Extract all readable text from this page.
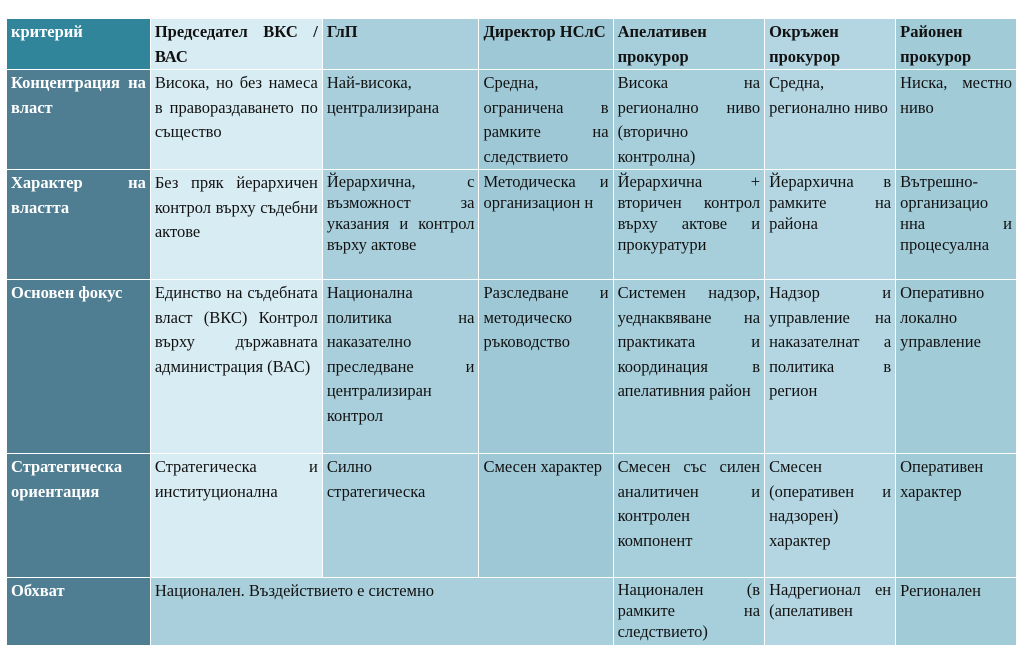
критерий	Председател ВКС / ВАС	ГлП	Директор НСлС	Апелативен прокурор	Окръжен прокурор	Районен прокурор

Концентрация на власт	Висока, но без намеса в правораздаването по същество	Най-висока, централизирана	Средна, ограничена в рамките на следствието	Висока на регионално ниво (вторично контролна)	Средна, регионално ниво	Ниска, местно ниво

Характер на властта	Без пряк йерархичен контрол върху съдебни актове	Йерархична, с възможност за указания и контрол върху актове	Методическа и организацион н	Йерархична + вторичен контрол върху актове и прокуратури	Йерархична в рамките на района	Вътрешно-организацио нна и процесуална

Основен фокус	Единство на съдебната власт (ВКС) Контрол върху държавната администрация (ВАС)	Национална политика на наказателно преследване и централизиран контрол	Разследване и методическо ръководство	Системен надзор, уеднаквяване на практиката и координация в апелативния район	Надзор и управление на наказателнат а политика в регион	Оперативно локално управление

Стратегическа ориентация	Стратегическа и институционална	Силно стратегическа	Смесен характер	Смесен със силен аналитичен и контролен компонент	Смесен (оперативен и надзорен) характер	Оперативен характер

Обхват	Национален. Въздействието е системно			Национален (в рамките на следствието)	Надрегионал ен (апелативен	Регионален
